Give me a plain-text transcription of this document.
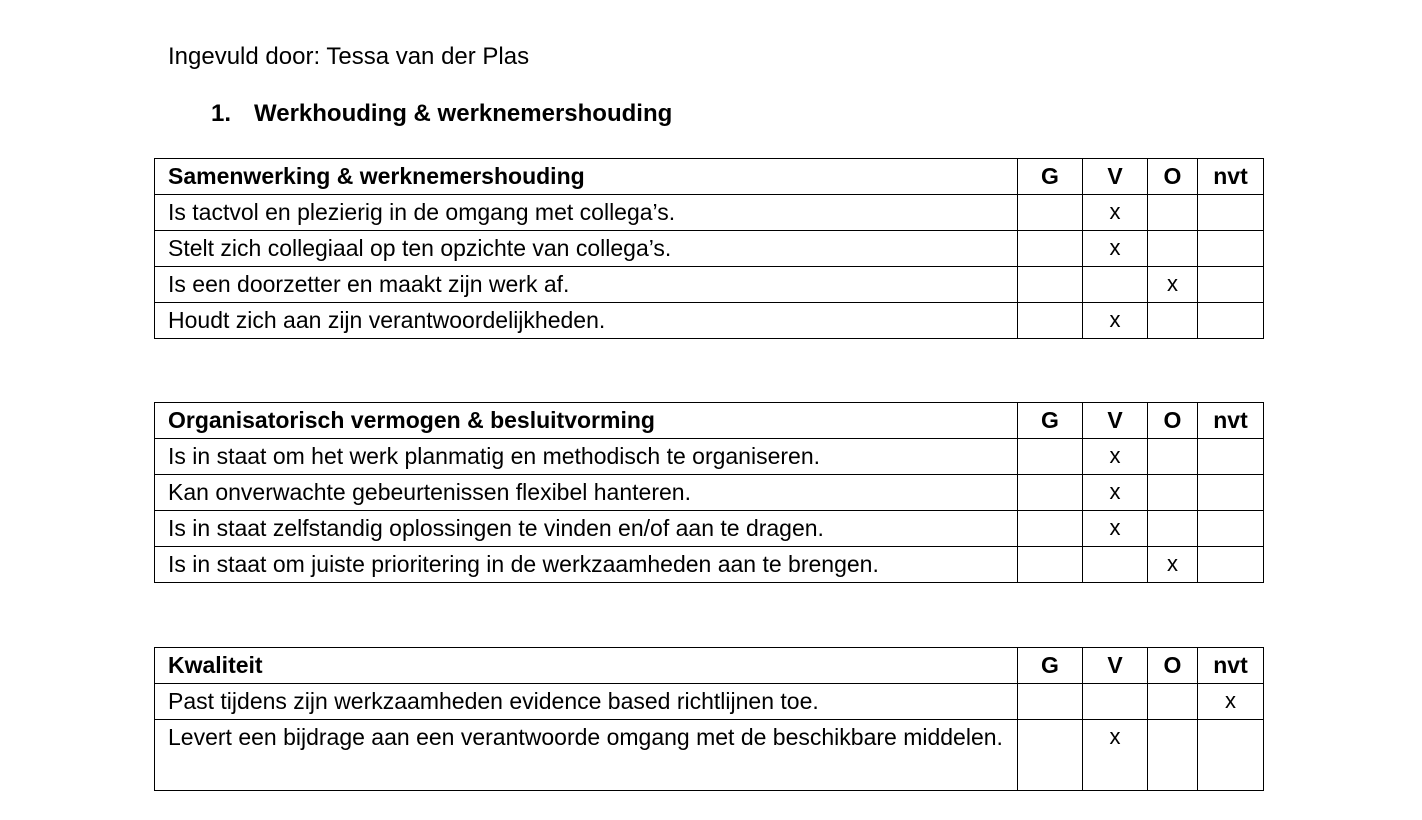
Ingevuld door: Tessa van der Plas
1. Werkhouding & werknemershouding
Samenwerking & werknemershouding	G	V	O	nvt
Is tactvol en plezierig in de omgang met collega’s.		x		
Stelt zich collegiaal op ten opzichte van collega’s.		x		
Is een doorzetter en maakt zijn werk af.			x	
Houdt zich aan zijn verantwoordelijkheden.		x		
Organisatorisch vermogen & besluitvorming	G	V	O	nvt
Is in staat om het werk planmatig en methodisch te organiseren.		x		
Kan onverwachte gebeurtenissen flexibel hanteren.		x		
Is in staat zelfstandig oplossingen te vinden en/of aan te dragen.		x		
Is in staat om juiste prioritering in de werkzaamheden aan te brengen.			x	
Kwaliteit	G	V	O	nvt
Past tijdens zijn werkzaamheden evidence based richtlijnen toe.				x
Levert een bijdrage aan een verantwoorde omgang met de beschikbare middelen.		x		
